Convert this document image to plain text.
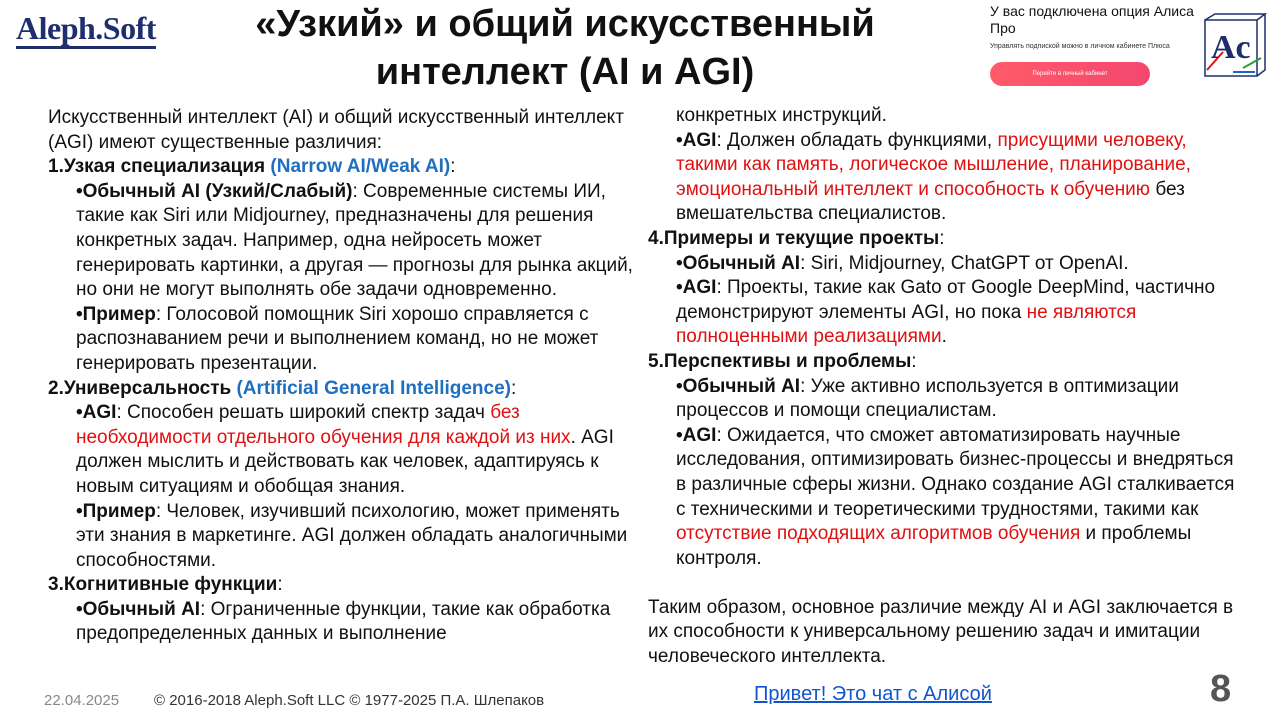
Aleph.Soft	«Узкий» и общий искусственный интеллект (AI и AGI)
У вас подключена опция Алиса Про
Управлять подпиской можно в личном кабинете Плюса
Перейти в личный кабинет
Ac

Искусственный интеллект (AI) и общий искусственный интеллект (AGI) имеют существенные различия:

1.Узкая специализация (Narrow AI/Weak AI):

•Обычный AI (Узкий/Слабый): Современные системы ИИ, такие как Siri или Midjourney, предназначены для решения конкретных задач. Например, одна нейросеть может генерировать картинки, а другая — прогнозы для рынка акций, но они не могут выполнять обе задачи одновременно.

•Пример: Голосовой помощник Siri хорошо справляется с распознаванием речи и выполнением команд, но не может генерировать презентации.

2.Универсальность (Artificial General Intelligence):

•AGI: Способен решать широкий спектр задач без необходимости отдельного обучения для каждой из них. AGI должен мыслить и действовать как человек, адаптируясь к новым ситуациям и обобщая знания.

•Пример: Человек, изучивший психологию, может применять эти знания в маркетинге. AGI должен обладать аналогичными способностями.

3.Когнитивные функции:

•Обычный AI: Ограниченные функции, такие как обработка предопределенных данных и выполнение

конкретных инструкций.

•AGI: Должен обладать функциями, присущими человеку, такими как память, логическое мышление, планирование, эмоциональный интеллект и способность к обучению без вмешательства специалистов.

4.Примеры и текущие проекты:

•Обычный AI: Siri, Midjourney, ChatGPT от OpenAI.

•AGI: Проекты, такие как Gato от Google DeepMind, частично демонстрируют элементы AGI, но пока не являются полноценными реализациями.

5.Перспективы и проблемы:

•Обычный AI: Уже активно используется в оптимизации процессов и помощи специалистам.

•AGI: Ожидается, что сможет автоматизировать научные исследования, оптимизировать бизнес-процессы и внедряться в различные сферы жизни. Однако создание AGI сталкивается с техническими и теоретическими трудностями, такими как отсутствие подходящих алгоритмов обучения и проблемы контроля.

Таким образом, основное различие между AI и AGI заключается в их способности к универсальному решению задач и имитации человеческого интеллекта.

22.04.2025 © 2016-2018 Aleph.Soft LLC © 1977-2025 П.А. Шлепаков	Привет! Это чат с Алисой	8
